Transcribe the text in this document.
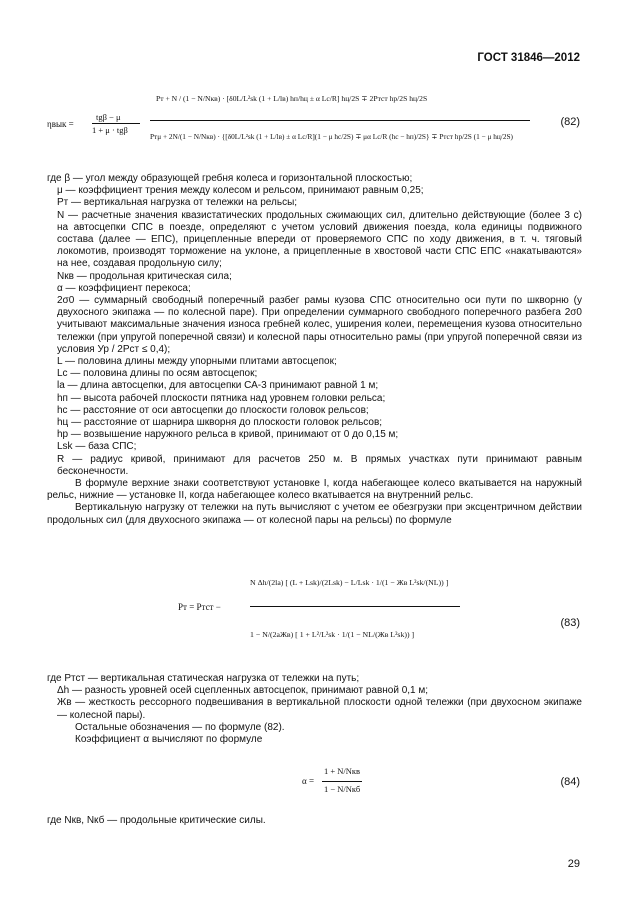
ГОСТ 31846—2012
ηвык =
tgβ − μ
1 + μ · tgβ
Pт + N / (1 − N/Nкв) · [δ0L/L²sk (1 + L/lв) hп/hц ± α Lc/R] hц/2S ∓ 2Pтст hр/2S hц/2S
Pтμ + 2N/(1 − N/Nкв) · {[δ0L/L²sk (1 + L/lв) ± α Lc/R](1 − μ hc/2S) ∓ μα Lc/R (hc − hп)/2S} ∓ Pтст hр/2S (1 − μ hц/2S)
(82)

где β — угол между образующей гребня колеса и горизонтальной плоскостью;

μ — коэффициент трения между колесом и рельсом, принимают равным 0,25;

Pт — вертикальная нагрузка от тележки на рельсы;

N — расчетные значения квазистатических продольных сжимающих сил, длительно действующие (более 3 с) на автосцепки СПС в поезде, определяют с учетом условий движения поезда, кола единицы подвижного состава (далее — ЕПС), прицепленные впереди от проверяемого СПС по ходу движения, в т. ч. тяговый локомотив, производят торможение на уклоне, а прицепленные в хвостовой части СПС ЕПС «накатываются» на нее, создавая продольную силу;

Nкв — продольная критическая сила;

α — коэффициент перекоса;

2σ0 — суммарный свободный поперечный разбег рамы кузова СПС относительно оси пути по шкворню (у двухосного экипажа — по колесной паре). При определении суммарного свободного поперечного разбега 2σ0 учитывают максимальные значения износа гребней колес, уширения колеи, перемещения кузова относительно тележки (при упругой поперечной связи) и колесной пары относительно рамы (при упругой поперечной связи из условия Ур / 2Рст ≤ 0,4);

L — половина длины между упорными плитами автосцепок;

Lc — половина длины по осям автосцепок;

lа — длина автосцепки, для автосцепки СА-3 принимают равной 1 м;

hп — высота рабочей плоскости пятника над уровнем головки рельса;

hc — расстояние от оси автосцепки до плоскости головок рельсов;

hц — расстояние от шарнира шкворня до плоскости головок рельсов;

hр — возвышение наружного рельса в кривой, принимают от 0 до 0,15 м;

Lsk — база СПС;

R — радиус кривой, принимают для расчетов 250 м. В прямых участках пути принимают равным бесконечности.

В формуле верхние знаки соответствуют установке I, когда набегающее колесо вкатывается на наружный рельс, нижние — установке II, когда набегающее колесо вкатывается на внутренний рельс.

Вертикальную нагрузку от тележки на путь вычисляют с учетом ее обезгрузки при эксцентричном действии продольных сил (для двухосного экипажа — от колесной пары на рельсы) по формуле

Pт = Pтст −
N Δh/(2lа) [ (L + Lsk)/(2Lsk) − L/Lsk · 1/(1 − Жв L²sk/(NL)) ]
1 − N/(2aЖв) [ 1 + L²/L²sk · 1/(1 − NL/(Жв L²sk)) ]
(83)

где Pтст — вертикальная статическая нагрузка от тележки на путь;

Δh — разность уровней осей сцепленных автосцепок, принимают равной 0,1 м;

Жв — жесткость рессорного подвешивания в вертикальной плоскости одной тележки (при двухосном экипаже — колесной пары).

Остальные обозначения — по формуле (82).

Коэффициент α вычисляют по формуле

α =
1 + N/Nкв
1 − N/Nкб
(84)
где Nкв, Nкб — продольные критические силы.
29
